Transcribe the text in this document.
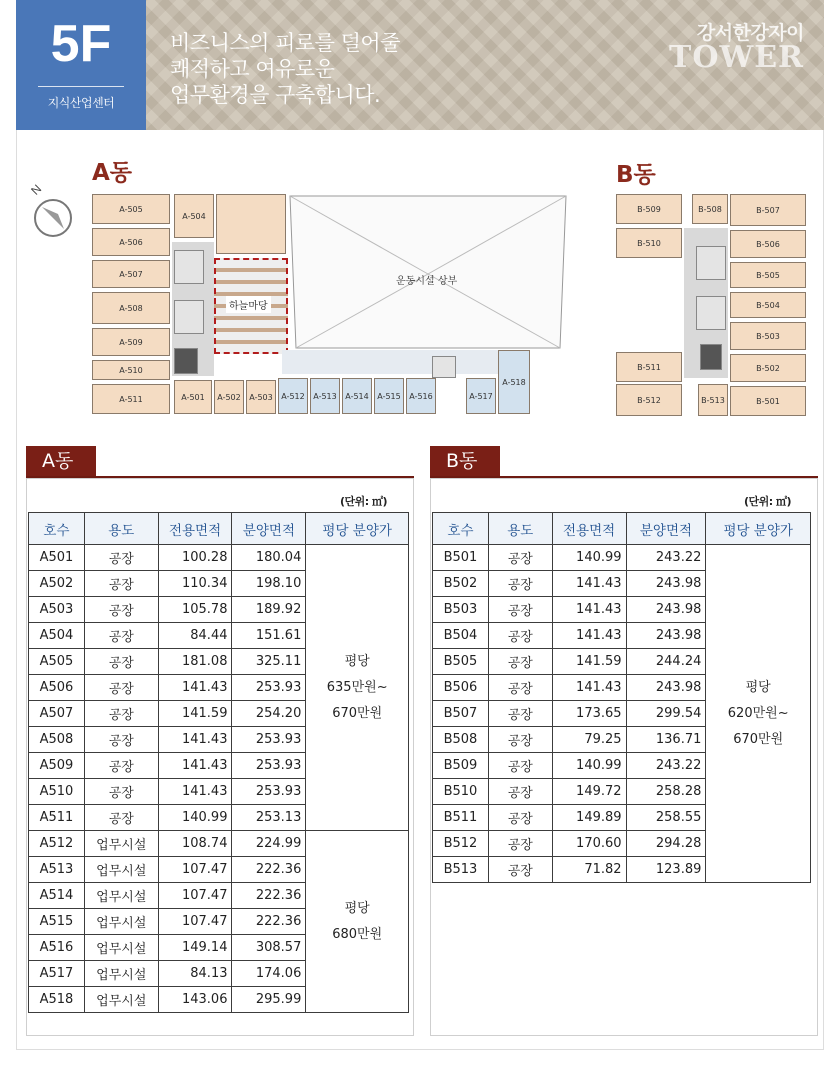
5F
지식산업센터
비즈니스의 피로를 덜어줄
쾌적하고 여유로운
업무환경을 구축합니다.
강서한강자이
TOWER
A동	B동
N
운동시설 상부
A-505
A-504
A-506
A-507
A-508
A-509
A-510
A-511
하늘마당
A-501	A-502	A-503	A-512	A-513	A-514	A-515	A-516	A-517
A-518
B-509	B-508	B-507
B-510	B-506
B-505
B-504
B-503
B-511	B-502
B-512	B-513	B-501
A동	B동
(단위: ㎡)	(단위: ㎡)
호수	용도	전용면적	분양면적	평당 분양가
A501	공장	100.28	180.04	평당
635만원~
670만원

A502	공장	110.34	198.10	
A503	공장	105.78	189.92	
A504	공장	84.44	151.61	
A505	공장	181.08	325.11	
A506	공장	141.43	253.93	
A507	공장	141.59	254.20	
A508	공장	141.43	253.93	
A509	공장	141.43	253.93	
A510	공장	141.43	253.93	
A511	공장	140.99	253.13	
A512	업무시설	108.74	224.99	평당
680만원

A513	업무시설	107.47	222.36	
A514	업무시설	107.47	222.36	
A515	업무시설	107.47	222.36	
A516	업무시설	149.14	308.57	
A517	업무시설	84.13	174.06	
A518	업무시설	143.06	295.99	
호수	용도	전용면적	분양면적	평당 분양가
B501	공장	140.99	243.22	평당
620만원~
670만원

B502	공장	141.43	243.98	
B503	공장	141.43	243.98	
B504	공장	141.43	243.98	
B505	공장	141.59	244.24	
B506	공장	141.43	243.98	
B507	공장	173.65	299.54	
B508	공장	79.25	136.71	
B509	공장	140.99	243.22	
B510	공장	149.72	258.28	
B511	공장	149.89	258.55	
B512	공장	170.60	294.28	
B513	공장	71.82	123.89	
